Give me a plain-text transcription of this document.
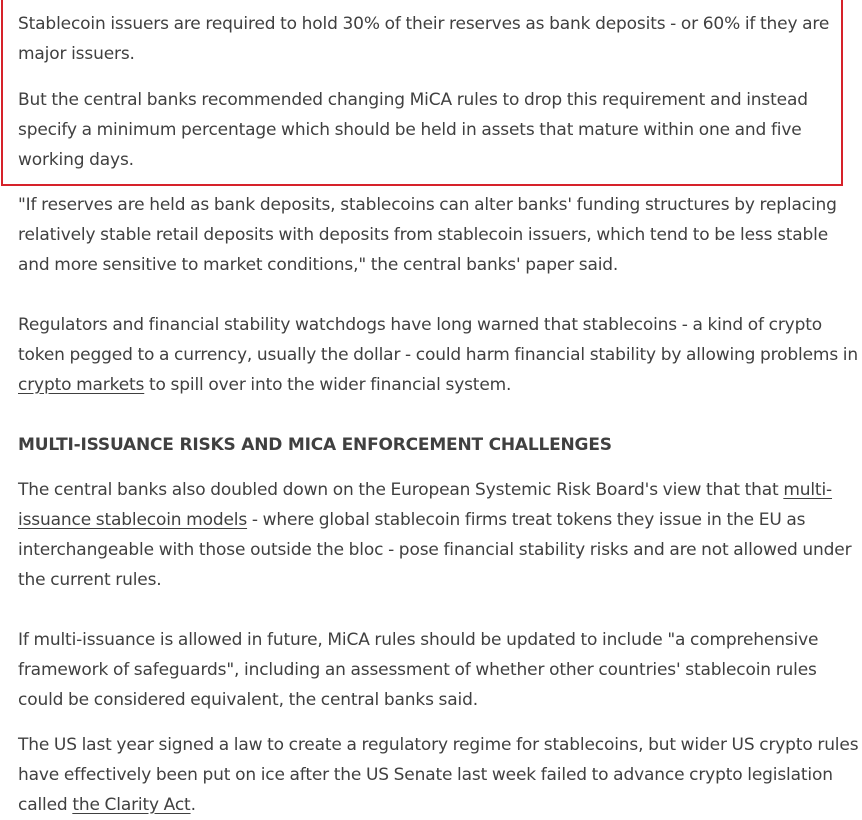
Stablecoin issuers are required to hold 30% of their reserves as bank deposits - or 60% if they are major issuers.

But the central banks recommended changing MiCA rules to drop this requirement and instead specify a minimum percentage which should be held in assets that mature within one and five working days.

"If reserves are held as bank deposits, stablecoins can alter banks' funding structures by replacing relatively stable retail deposits with deposits from stablecoin issuers, which tend to be less stable and more sensitive to market conditions," the central banks' paper said.

Regulators and financial stability watchdogs have long warned that stablecoins - a kind of crypto token pegged to a currency, usually the dollar - could harm financial stability by allowing problems in crypto markets to spill over into the wider financial system.

MULTI-ISSUANCE RISKS AND MICA ENFORCEMENT CHALLENGES

The central banks also doubled down on the European Systemic Risk Board's view that that multi-issuance stablecoin models - where global stablecoin firms treat tokens they issue in the EU as interchangeable with those outside the bloc - pose financial stability risks and are not allowed under the current rules.

If multi-issuance is allowed in future, MiCA rules should be updated to include "a comprehensive framework of safeguards", including an assessment of whether other countries' stablecoin rules could be considered equivalent, the central banks said.

The US last year signed a law to create a regulatory regime for stablecoins, but wider US crypto rules have effectively been put on ice after the US Senate last week failed to advance crypto legislation called the Clarity Act.
